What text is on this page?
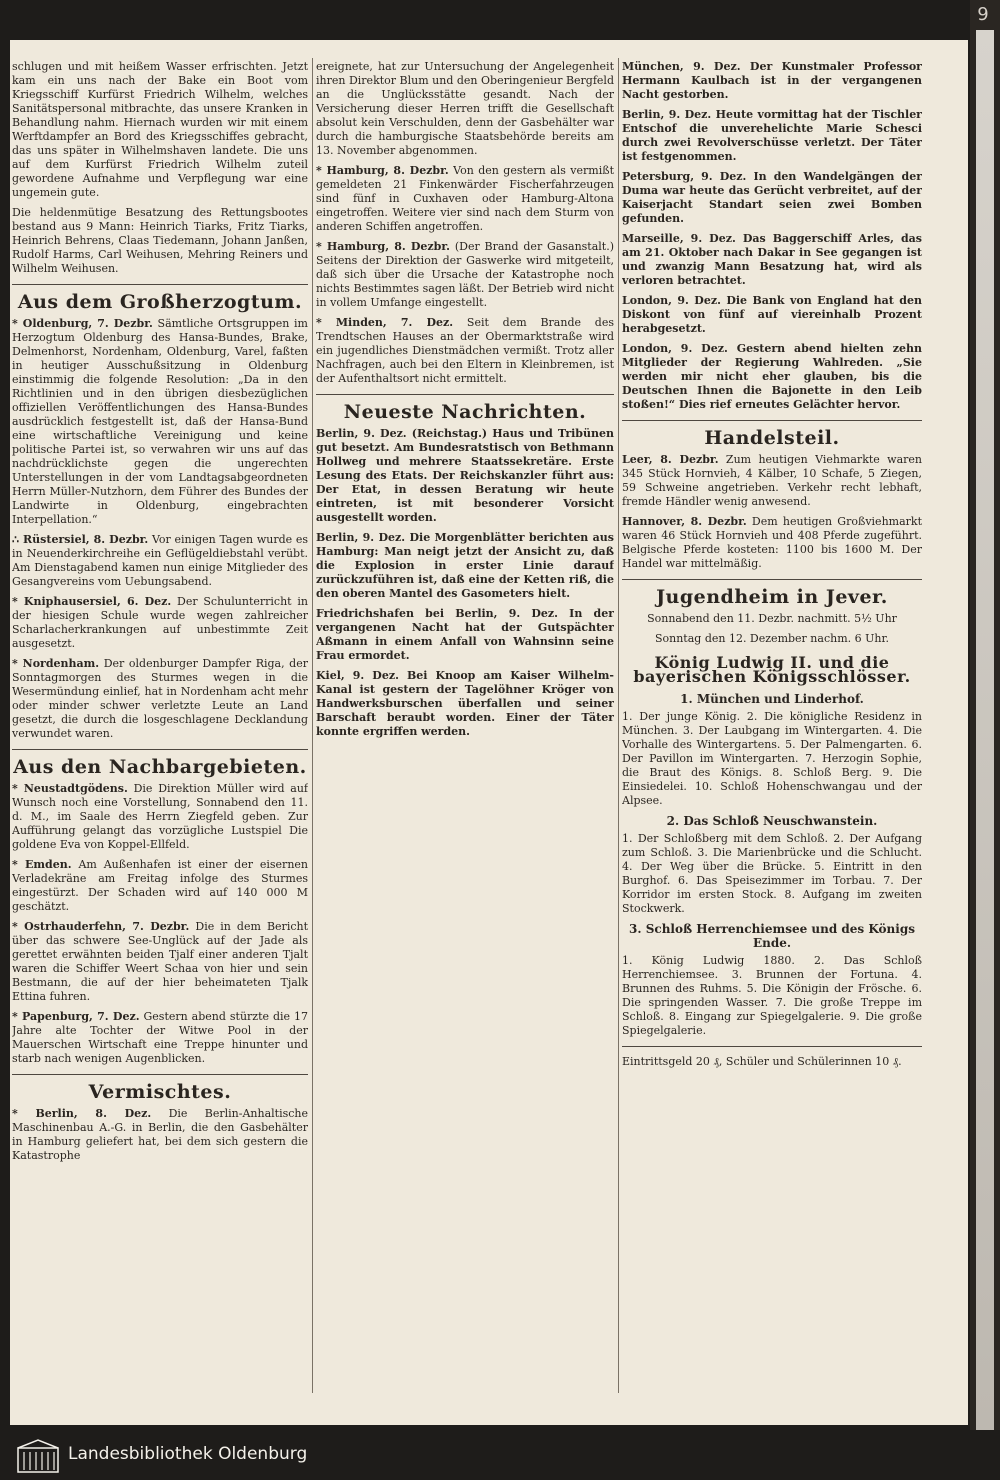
schlugen und mit heißem Wasser erfrischten. Jetzt kam ein uns nach der Bake ein Boot vom Kriegsschiff Kurfürst Friedrich Wilhelm, welches Sanitätspersonal mitbrachte, das unsere Kranken in Behandlung nahm. Hiernach wurden wir mit einem Werftdampfer an Bord des Kriegsschiffes gebracht, das uns später in Wilhelmshaven landete. Die uns auf dem Kurfürst Friedrich Wilhelm zuteil gewordene Aufnahme und Verpflegung war eine ungemein gute.

Die heldenmütige Besatzung des Rettungsbootes bestand aus 9 Mann: Heinrich Tiarks, Fritz Tiarks, Heinrich Behrens, Claas Tiedemann, Johann Janßen, Rudolf Harms, Carl Weihusen, Mehring Reiners und Wilhelm Weihusen.

Aus dem Großherzogtum.

* Oldenburg, 7. Dezbr. Sämtliche Ortsgruppen im Herzogtum Oldenburg des Hansa-Bundes, Brake, Delmenhorst, Nordenham, Oldenburg, Varel, faßten in heutiger Ausschußsitzung in Oldenburg einstimmig die folgende Resolution: „Da in den Richtlinien und in den übrigen diesbezüglichen offiziellen Veröffentlichungen des Hansa-Bundes ausdrücklich festgestellt ist, daß der Hansa-Bund eine wirtschaftliche Vereinigung und keine politische Partei ist, so verwahren wir uns auf das nachdrücklichste gegen die ungerechten Unterstellungen in der vom Landtagsabgeordneten Herrn Müller-Nutzhorn, dem Führer des Bundes der Landwirte in Oldenburg, eingebrachten Interpellation.“

∴ Rüstersiel, 8. Dezbr. Vor einigen Tagen wurde es in Neuenderkirchreihe ein Geflügeldiebstahl verübt. Am Dienstagabend kamen nun einige Mitglieder des Gesangvereins vom Uebungsabend.

* Kniphausersiel, 6. Dez. Der Schulunterricht in der hiesigen Schule wurde wegen zahlreicher Scharlacherkrankungen auf unbestimmte Zeit ausgesetzt.

* Nordenham. Der oldenburger Dampfer Riga, der Sonntagmorgen des Sturmes wegen in die Wesermündung einlief, hat in Nordenham acht mehr oder minder schwer verletzte Leute an Land gesetzt, die durch die losgeschlagene Decklandung verwundet waren.

Aus den Nachbargebieten.

* Neustadtgödens. Die Direktion Müller wird auf Wunsch noch eine Vorstellung, Sonnabend den 11. d. M., im Saale des Herrn Ziegfeld geben. Zur Aufführung gelangt das vorzügliche Lustspiel Die goldene Eva von Koppel-Ellfeld.

* Emden. Am Außenhafen ist einer der eisernen Verladekräne am Freitag infolge des Sturmes eingestürzt. Der Schaden wird auf 140 000 M geschätzt.

* Ostrhauderfehn, 7. Dezbr. Die in dem Bericht über das schwere See-Unglück auf der Jade als gerettet erwähnten beiden Tjalf einer anderen Tjalt waren die Schiffer Weert Schaa von hier und sein Bestmann, die auf der hier beheimateten Tjalk Ettina fuhren.

* Papenburg, 7. Dez. Gestern abend stürzte die 17 Jahre alte Tochter der Witwe Pool in der Mauerschen Wirtschaft eine Treppe hinunter und starb nach wenigen Augenblicken.

Vermischtes.

* Berlin, 8. Dez. Die Berlin-Anhaltische Maschinenbau A.-G. in Berlin, die den Gasbehälter in Hamburg geliefert hat, bei dem sich gestern die Katastrophe

ereignete, hat zur Untersuchung der Angelegenheit ihren Direktor Blum und den Oberingenieur Bergfeld an die Unglücksstätte gesandt. Nach der Versicherung dieser Herren trifft die Gesellschaft absolut kein Verschulden, denn der Gasbehälter war durch die hamburgische Staatsbehörde bereits am 13. November abgenommen.

* Hamburg, 8. Dezbr. Von den gestern als vermißt gemeldeten 21 Finkenwärder Fischerfahrzeugen sind fünf in Cuxhaven oder Hamburg-Altona eingetroffen. Weitere vier sind nach dem Sturm von anderen Schiffen angetroffen.

* Hamburg, 8. Dezbr. (Der Brand der Gasanstalt.) Seitens der Direktion der Gaswerke wird mitgeteilt, daß sich über die Ursache der Katastrophe noch nichts Bestimmtes sagen läßt. Der Betrieb wird nicht in vollem Umfange eingestellt.

* Minden, 7. Dez. Seit dem Brande des Trendtschen Hauses an der Obermarktstraße wird ein jugendliches Dienstmädchen vermißt. Trotz aller Nachfragen, auch bei den Eltern in Kleinbremen, ist der Aufenthaltsort nicht ermittelt.

Neueste Nachrichten.

Berlin, 9. Dez. (Reichstag.) Haus und Tribünen gut besetzt. Am Bundesratstisch von Bethmann Hollweg und mehrere Staatssekretäre. Erste Lesung des Etats. Der Reichskanzler führt aus: Der Etat, in dessen Beratung wir heute eintreten, ist mit besonderer Vorsicht ausgestellt worden.

Berlin, 9. Dez. Die Morgenblätter berichten aus Hamburg: Man neigt jetzt der Ansicht zu, daß die Explosion in erster Linie darauf zurückzuführen ist, daß eine der Ketten riß, die den oberen Mantel des Gasometers hielt.

Friedrichshafen bei Berlin, 9. Dez. In der vergangenen Nacht hat der Gutspächter Aßmann in einem Anfall von Wahnsinn seine Frau ermordet.

Kiel, 9. Dez. Bei Knoop am Kaiser Wilhelm-Kanal ist gestern der Tagelöhner Kröger von Handwerksburschen überfallen und seiner Barschaft beraubt worden. Einer der Täter konnte ergriffen werden.

München, 9. Dez. Der Kunstmaler Professor Hermann Kaulbach ist in der vergangenen Nacht gestorben.

Berlin, 9. Dez. Heute vormittag hat der Tischler Entschof die unverehelichte Marie Schesci durch zwei Revolverschüsse verletzt. Der Täter ist festgenommen.

Petersburg, 9. Dez. In den Wandelgängen der Duma war heute das Gerücht verbreitet, auf der Kaiserjacht Standart seien zwei Bomben gefunden.

Marseille, 9. Dez. Das Baggerschiff Arles, das am 21. Oktober nach Dakar in See gegangen ist und zwanzig Mann Besatzung hat, wird als verloren betrachtet.

London, 9. Dez. Die Bank von England hat den Diskont von fünf auf viereinhalb Prozent herabgesetzt.

London, 9. Dez. Gestern abend hielten zehn Mitglieder der Regierung Wahlreden. „Sie werden mir nicht eher glauben, bis die Deutschen Ihnen die Bajonette in den Leib stoßen!“ Dies rief erneutes Gelächter hervor.

Handelsteil.

Leer, 8. Dezbr. Zum heutigen Viehmarkte waren 345 Stück Hornvieh, 4 Kälber, 10 Schafe, 5 Ziegen, 59 Schweine angetrieben. Verkehr recht lebhaft, fremde Händler wenig anwesend.

Hannover, 8. Dezbr. Dem heutigen Großviehmarkt waren 46 Stück Hornvieh und 408 Pferde zugeführt. Belgische Pferde kosteten: 1100 bis 1600 M. Der Handel war mittelmäßig.

Jugendheim in Jever.

Sonnabend den 11. Dezbr. nachmitt. 5½ Uhr

Sonntag den 12. Dezember nachm. 6 Uhr.

König Ludwig II. und die bayerischen Königsschlösser.
1. München und Linderhof.

1. Der junge König. 2. Die königliche Residenz in München. 3. Der Laubgang im Wintergarten. 4. Die Vorhalle des Wintergartens. 5. Der Palmengarten. 6. Der Pavillon im Wintergarten. 7. Herzogin Sophie, die Braut des Königs. 8. Schloß Berg. 9. Die Einsiedelei. 10. Schloß Hohenschwangau und der Alpsee.

2. Das Schloß Neuschwanstein.

1. Der Schloßberg mit dem Schloß. 2. Der Aufgang zum Schloß. 3. Die Marienbrücke und die Schlucht. 4. Der Weg über die Brücke. 5. Eintritt in den Burghof. 6. Das Speisezimmer im Torbau. 7. Der Korridor im ersten Stock. 8. Aufgang im zweiten Stockwerk.

3. Schloß Herrenchiemsee und des Königs Ende.

1. König Ludwig 1880. 2. Das Schloß Herrenchiemsee. 3. Brunnen der Fortuna. 4. Brunnen des Ruhms. 5. Die Königin der Frösche. 6. Die springenden Wasser. 7. Die große Treppe im Schloß. 8. Eingang zur Spiegelgalerie. 9. Die große Spiegelgalerie.

Eintrittsgeld 20 ₰, Schüler und Schülerinnen 10 ₰.

9
Landesbibliothek Oldenburg
